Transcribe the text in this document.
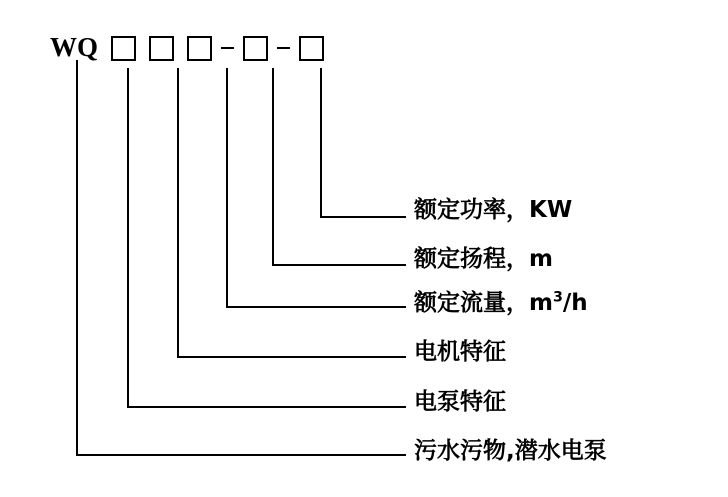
WQ
额定功率，KW
额定扬程，m
额定流量，$m^3/h$
电机特征
电泵特征
污水污物,潜水电泵
